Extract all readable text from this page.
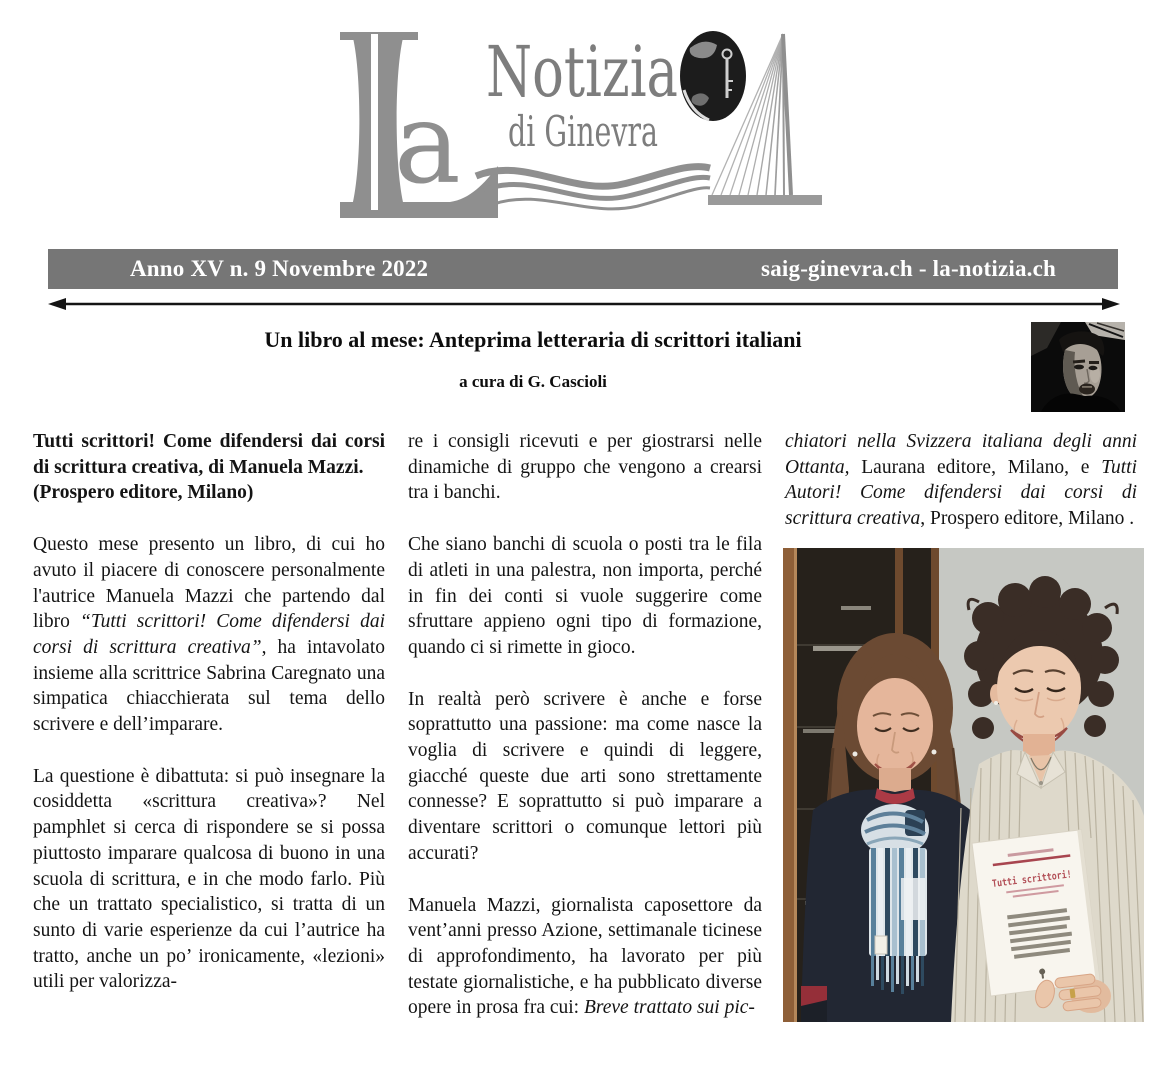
a
Notizia
di Ginevra
Anno XV n. 9 Novembre 2022	saig-ginevra.ch - la-notizia.ch
Un libro al mese: Anteprima letteraria di scrittori italiani
a cura di G. Cascioli

Tutti scrittori! Come difendersi dai corsi di scrittura creativa, di Manuela Mazzi.
(Prospero editore, Milano)

Questo mese presento un libro, di cui ho avuto il piacere di conoscere personalmente l'autrice Manuela Mazzi che partendo dal libro “Tutti scrittori! Come difendersi dai corsi di scrittura creativa”, ha intavolato insieme alla scrittrice Sabrina Caregnato una simpatica chiacchierata sul tema dello scrivere e dell’imparare.

La questione è dibattuta: si può insegnare la cosiddetta «scrittura creativa»? Nel pamphlet si cerca di rispondere se si possa piuttosto imparare qualcosa di buono in una scuola di scrittura, e in che modo farlo. Più che un trattato specialistico, si tratta di un sunto di varie esperienze da cui l’autrice ha tratto, anche un po’ ironicamente, «lezioni» utili per valorizza-

re i consigli ricevuti e per giostrarsi nelle dinamiche di gruppo che vengono a crearsi tra i banchi.

Che siano banchi di scuola o posti tra le fila di atleti in una palestra, non importa, perché in fin dei conti si vuole suggerire come sfruttare appieno ogni tipo di formazione, quando ci si rimette in gioco.

In realtà però scrivere è anche e forse soprattutto una passione: ma come nasce la voglia di scrivere e quindi di leggere, giacché queste due arti sono strettamente connesse? E soprattutto si può imparare a diventare scrittori o comunque lettori più accurati?

Manuela Mazzi, giornalista caposettore da vent’anni presso Azione, settimanale ticinese di approfondimento, ha lavorato per più testate giornalistiche, e ha pubblicato diverse opere in prosa fra cui: Breve trattato sui pic-

chiatori nella Svizzera italiana degli anni Ottanta, Laurana editore, Milano, e Tutti Autori! Come difendersi dai corsi di scrittura creativa, Prospero editore, Milano .

Tutti scrittori!
